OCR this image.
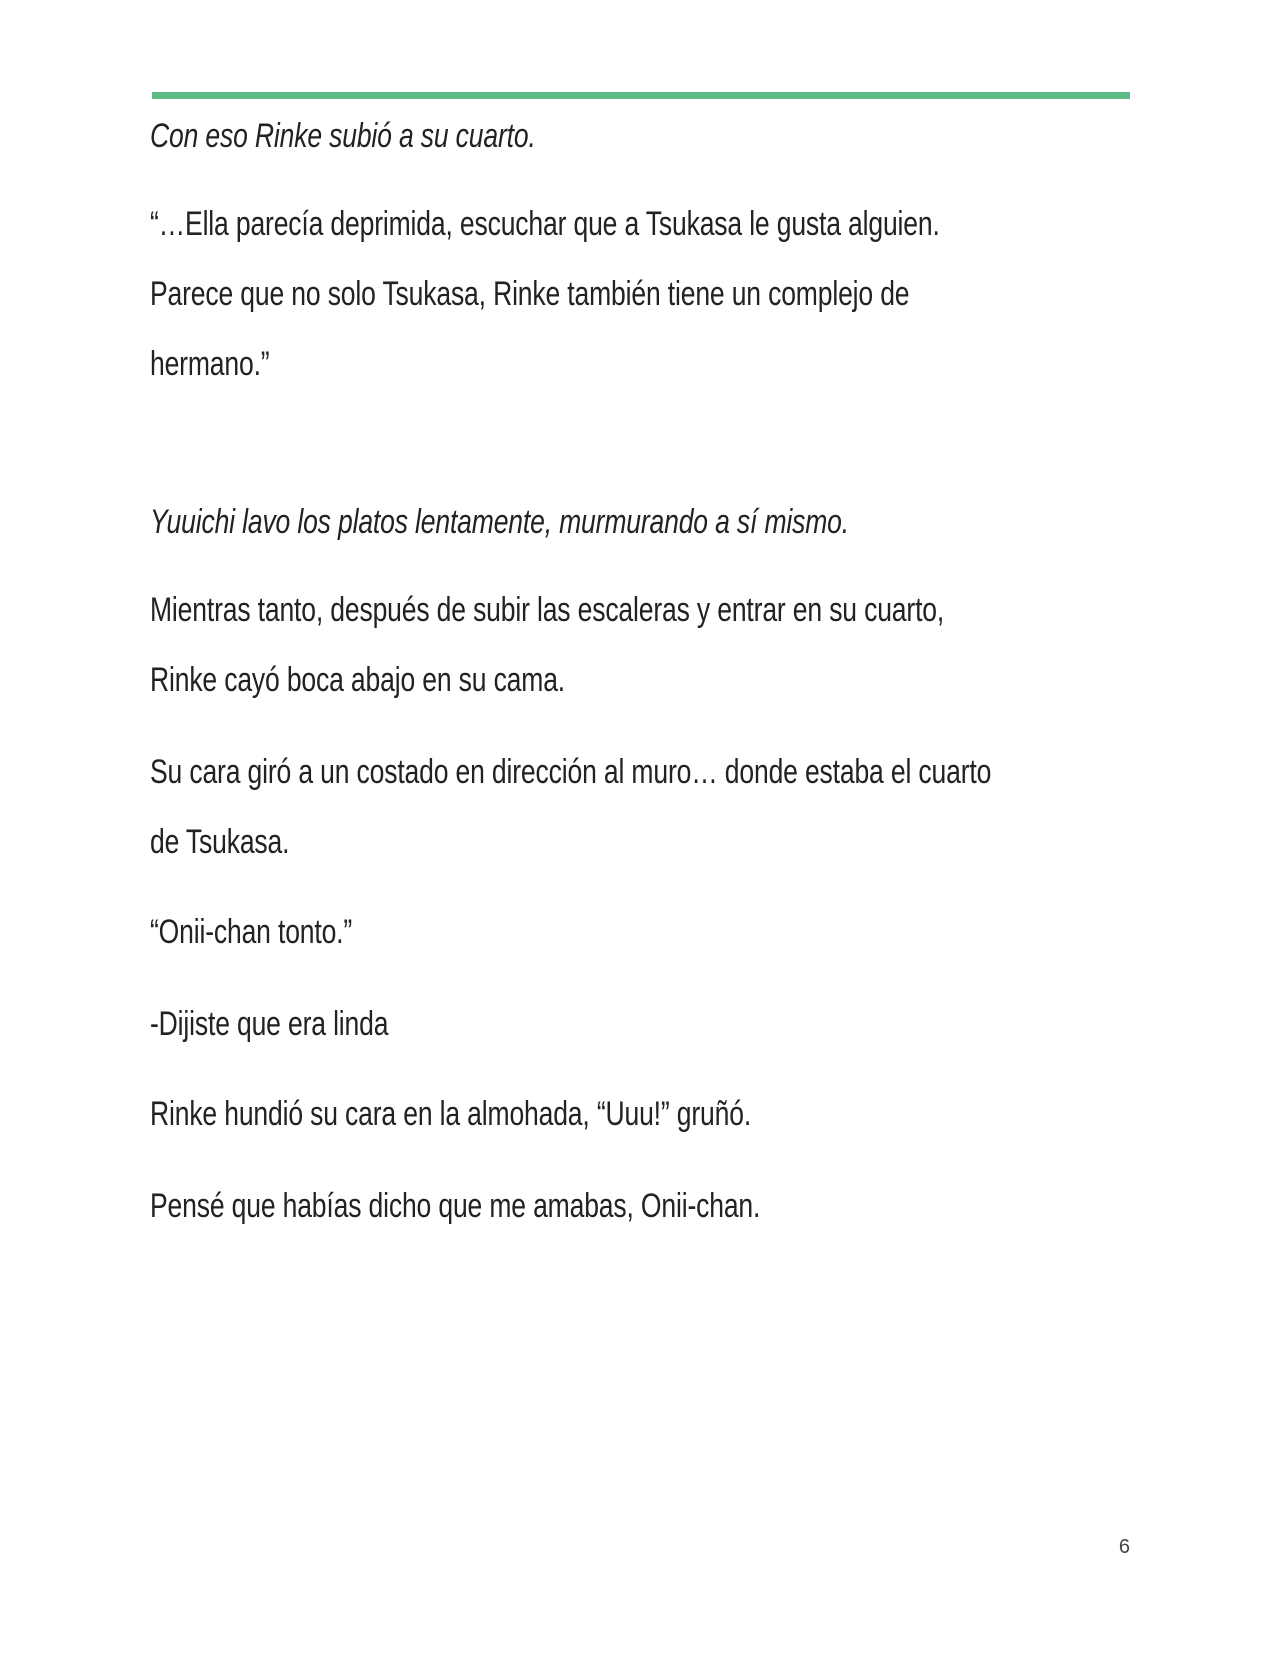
Con eso Rinke subió a su cuarto.
“…Ella parecía deprimida, escuchar que a Tsukasa le gusta alguien.
Parece que no solo Tsukasa, Rinke también tiene un complejo de
hermano.”
Yuuichi lavo los platos lentamente, murmurando a sí mismo.
Mientras tanto, después de subir las escaleras y entrar en su cuarto,
Rinke cayó boca abajo en su cama.
Su cara giró a un costado en dirección al muro… donde estaba el cuarto
de Tsukasa.
“Onii-chan tonto.”
-Dijiste que era linda
Rinke hundió su cara en la almohada, “Uuu!” gruñó.
Pensé que habías dicho que me amabas, Onii-chan.
6
